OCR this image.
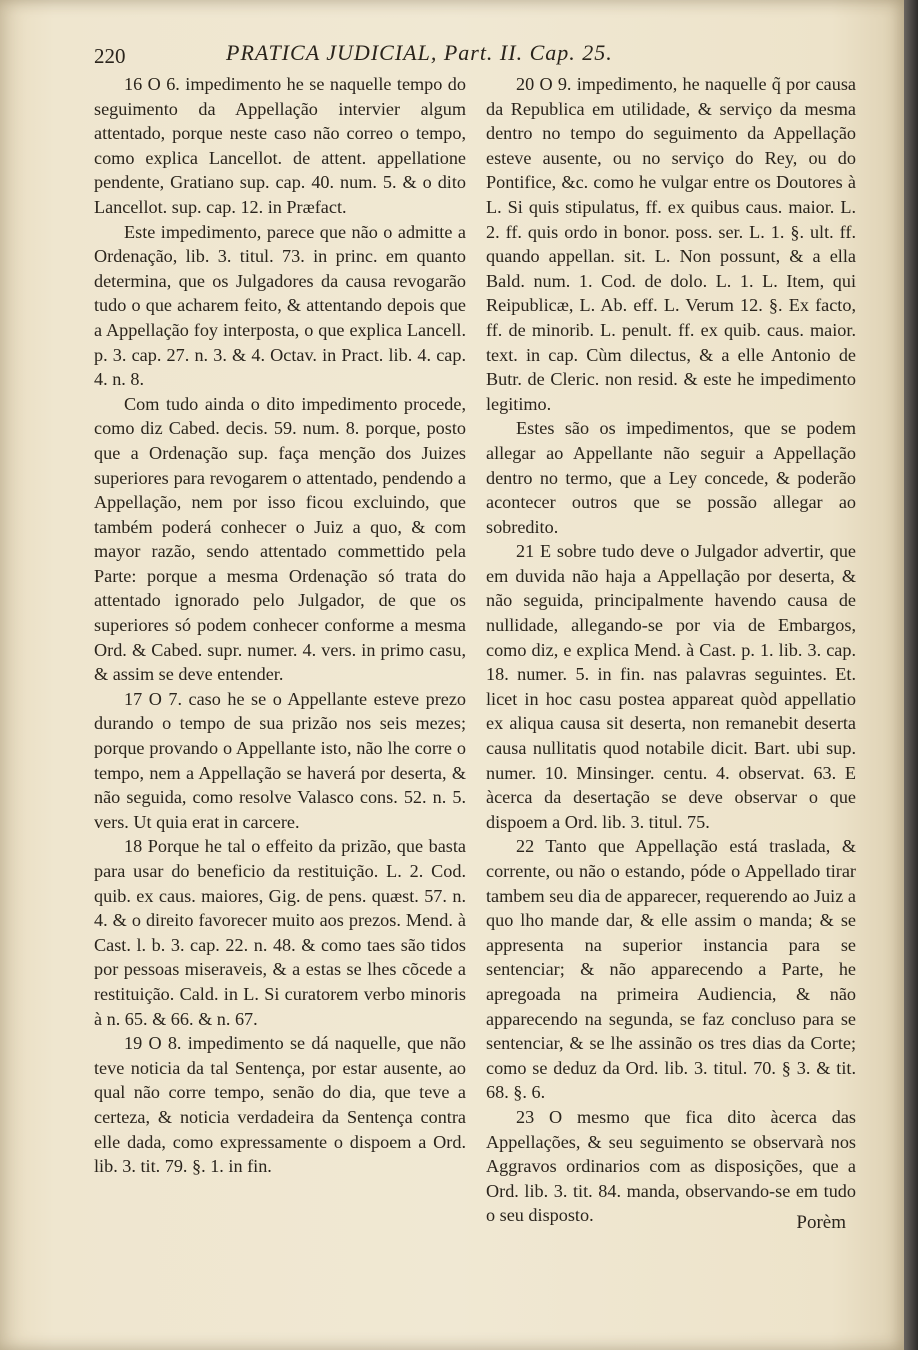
220	PRATICA JUDICIAL, Part. II. Cap. 25.

16 O 6. impedimento he se naquelle tempo do seguimento da Appellação intervier algum attentado, porque neste caso não correo o tempo, como explica Lancellot. de attent. appellatione pendente, Gratiano sup. cap. 40. num. 5. & o dito Lancellot. sup. cap. 12. in Præfact.

Este impedimento, parece que não o admitte a Ordenação, lib. 3. titul. 73. in princ. em quanto determina, que os Julgadores da causa revogarão tudo o que acharem feito, & attentando depois que a Appellação foy interposta, o que explica Lancell. p. 3. cap. 27. n. 3. & 4. Octav. in Pract. lib. 4. cap. 4. n. 8.

Com tudo ainda o dito impedimento procede, como diz Cabed. decis. 59. num. 8. porque, posto que a Ordenação sup. faça menção dos Juizes superiores para revogarem o attentado, pendendo a Appellação, nem por isso ficou excluindo, que também poderá conhecer o Juiz a quo, & com mayor razão, sendo attentado commettido pela Parte: porque a mesma Ordenação só trata do attentado ignorado pelo Julgador, de que os superiores só podem conhecer conforme a mesma Ord. & Cabed. supr. numer. 4. vers. in primo casu, & assim se deve entender.

17 O 7. caso he se o Appellante esteve prezo durando o tempo de sua prizão nos seis mezes; porque provando o Appellante isto, não lhe corre o tempo, nem a Appellação se haverá por deserta, & não seguida, como resolve Valasco cons. 52. n. 5. vers. Ut quia erat in carcere.

18 Porque he tal o effeito da prizão, que basta para usar do beneficio da restituição. L. 2. Cod. quib. ex caus. maiores, Gig. de pens. quæst. 57. n. 4. & o direito favorecer muito aos prezos. Mend. à Cast. l. b. 3. cap. 22. n. 48. & como taes são tidos por pessoas miseraveis, & a estas se lhes cõcede a restituição. Cald. in L. Si curatorem verbo minoris à n. 65. & 66. & n. 67.

19 O 8. impedimento se dá naquelle, que não teve noticia da tal Sentença, por estar ausente, ao qual não corre tempo, senão do dia, que teve a certeza, & noticia verdadeira da Sentença contra elle dada, como expressamente o dispoem a Ord. lib. 3. tit. 79. §. 1. in fin.

20 O 9. impedimento, he naquelle q̃ por causa da Republica em utilidade, & serviço da mesma dentro no tempo do seguimento da Appellação esteve ausente, ou no serviço do Rey, ou do Pontifice, &c. como he vulgar entre os Doutores à L. Si quis stipulatus, ff. ex quibus caus. maior. L. 2. ff. quis ordo in bonor. poss. ser. L. 1. §. ult. ff. quando appellan. sit. L. Non possunt, & a ella Bald. num. 1. Cod. de dolo. L. 1. L. Item, qui Reipublicæ, L. Ab. eff. L. Verum 12. §. Ex facto, ff. de minorib. L. penult. ff. ex quib. caus. maior. text. in cap. Cùm dilectus, & a elle Antonio de Butr. de Cleric. non resid. & este he impedimento legitimo.

Estes são os impedimentos, que se podem allegar ao Appellante não seguir a Appellação dentro no termo, que a Ley concede, & poderão acontecer outros que se possão allegar ao sobredito.

21 E sobre tudo deve o Julgador advertir, que em duvida não haja a Appellação por deserta, & não seguida, principalmente havendo causa de nullidade, allegando-se por via de Embargos, como diz, e explica Mend. à Cast. p. 1. lib. 3. cap. 18. numer. 5. in fin. nas palavras seguintes. Et. licet in hoc casu postea appareat quòd appellatio ex aliqua causa sit deserta, non remanebit deserta causa nullitatis quod notabile dicit. Bart. ubi sup. numer. 10. Minsinger. centu. 4. observat. 63. E àcerca da desertação se deve observar o que dispoem a Ord. lib. 3. titul. 75.

22 Tanto que Appellação está traslada, & corrente, ou não o estando, póde o Appellado tirar tambem seu dia de apparecer, requerendo ao Juiz a quo lho mande dar, & elle assim o manda; & se appresenta na superior instancia para se sentenciar; & não apparecendo a Parte, he apregoada na primeira Audiencia, & não apparecendo na segunda, se faz concluso para se sentenciar, & se lhe assinão os tres dias da Corte; como se deduz da Ord. lib. 3. titul. 70. § 3. & tit. 68. §. 6.

23 O mesmo que fica dito àcerca das Appellações, & seu seguimento se observarà nos Aggravos ordinarios com as disposições, que a Ord. lib. 3. tit. 84. manda, observando-se em tudo o seu disposto.	Porèm
